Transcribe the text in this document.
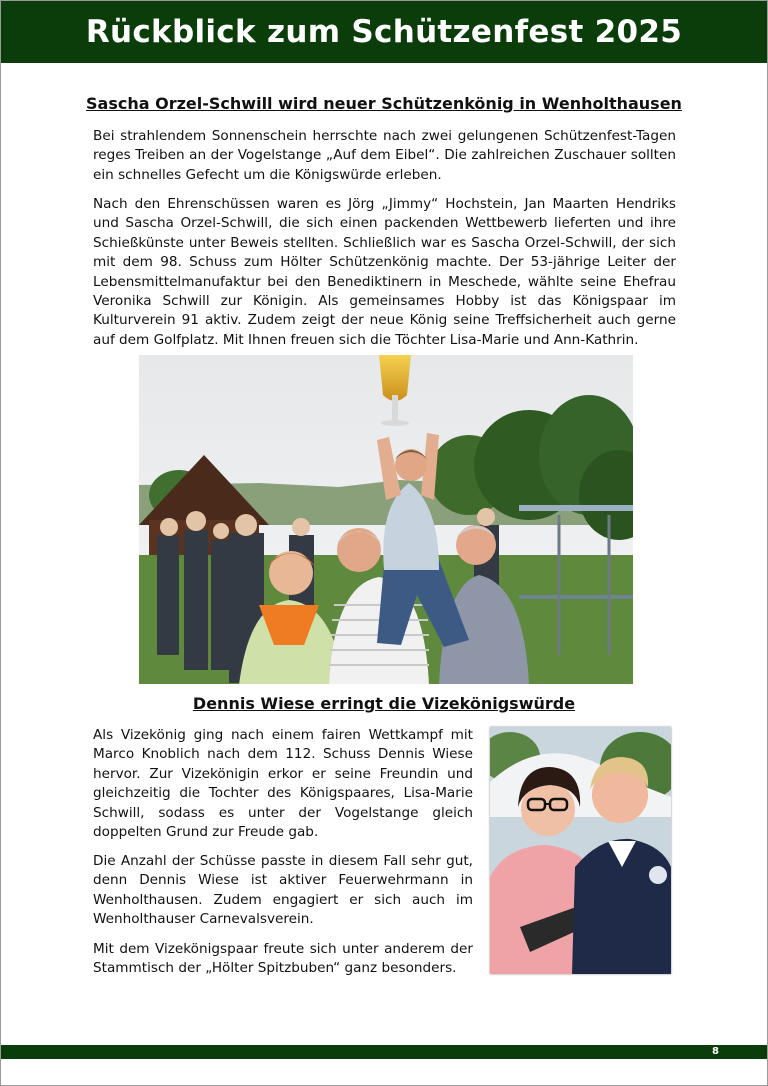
Rückblick zum Schützenfest 2025
Sascha Orzel-Schwill wird neuer Schützenkönig in Wenholthausen

Bei strahlendem Sonnenschein herrschte nach zwei gelungenen Schützenfest-Tagen reges Treiben an der Vogelstange „Auf dem Eibel“. Die zahlreichen Zuschauer sollten ein schnelles Gefecht um die Königswürde erleben.

Nach den Ehrenschüssen waren es Jörg „Jimmy“ Hochstein, Jan Maarten Hendriks und Sascha Orzel-Schwill, die sich einen packenden Wettbewerb lieferten und ihre Schießkünste unter Beweis stellten. Schließlich war es Sascha Orzel-Schwill, der sich mit dem 98. Schuss zum Hölter Schützenkönig machte. Der 53-jährige Leiter der Lebensmittelmanufaktur bei den Benediktinern in Meschede, wählte seine Ehefrau Veronika Schwill zur Königin. Als gemeinsames Hobby ist das Königspaar im Kulturverein 91 aktiv. Zudem zeigt der neue König seine Treffsicherheit auch gerne auf dem Golfplatz. Mit Ihnen freuen sich die Töchter Lisa-Marie und Ann-Kathrin.

Dennis Wiese erringt die Vizekönigswürde

Als Vizekönig ging nach einem fairen Wettkampf mit Marco Knoblich nach dem 112. Schuss Dennis Wiese hervor. Zur Vizekönigin erkor er seine Freundin und gleichzeitig die Tochter des Königspaares, Lisa-Marie Schwill, sodass es unter der Vogelstange gleich doppelten Grund zur Freude gab.

Die Anzahl der Schüsse passte in diesem Fall sehr gut, denn Dennis Wiese ist aktiver Feuerwehrmann in Wenholthausen. Zudem engagiert er sich auch im Wenholthauser Carnevalsverein.

Mit dem Vizekönigspaar freute sich unter anderem der Stammtisch der „Hölter Spitzbuben“ ganz besonders.

8
